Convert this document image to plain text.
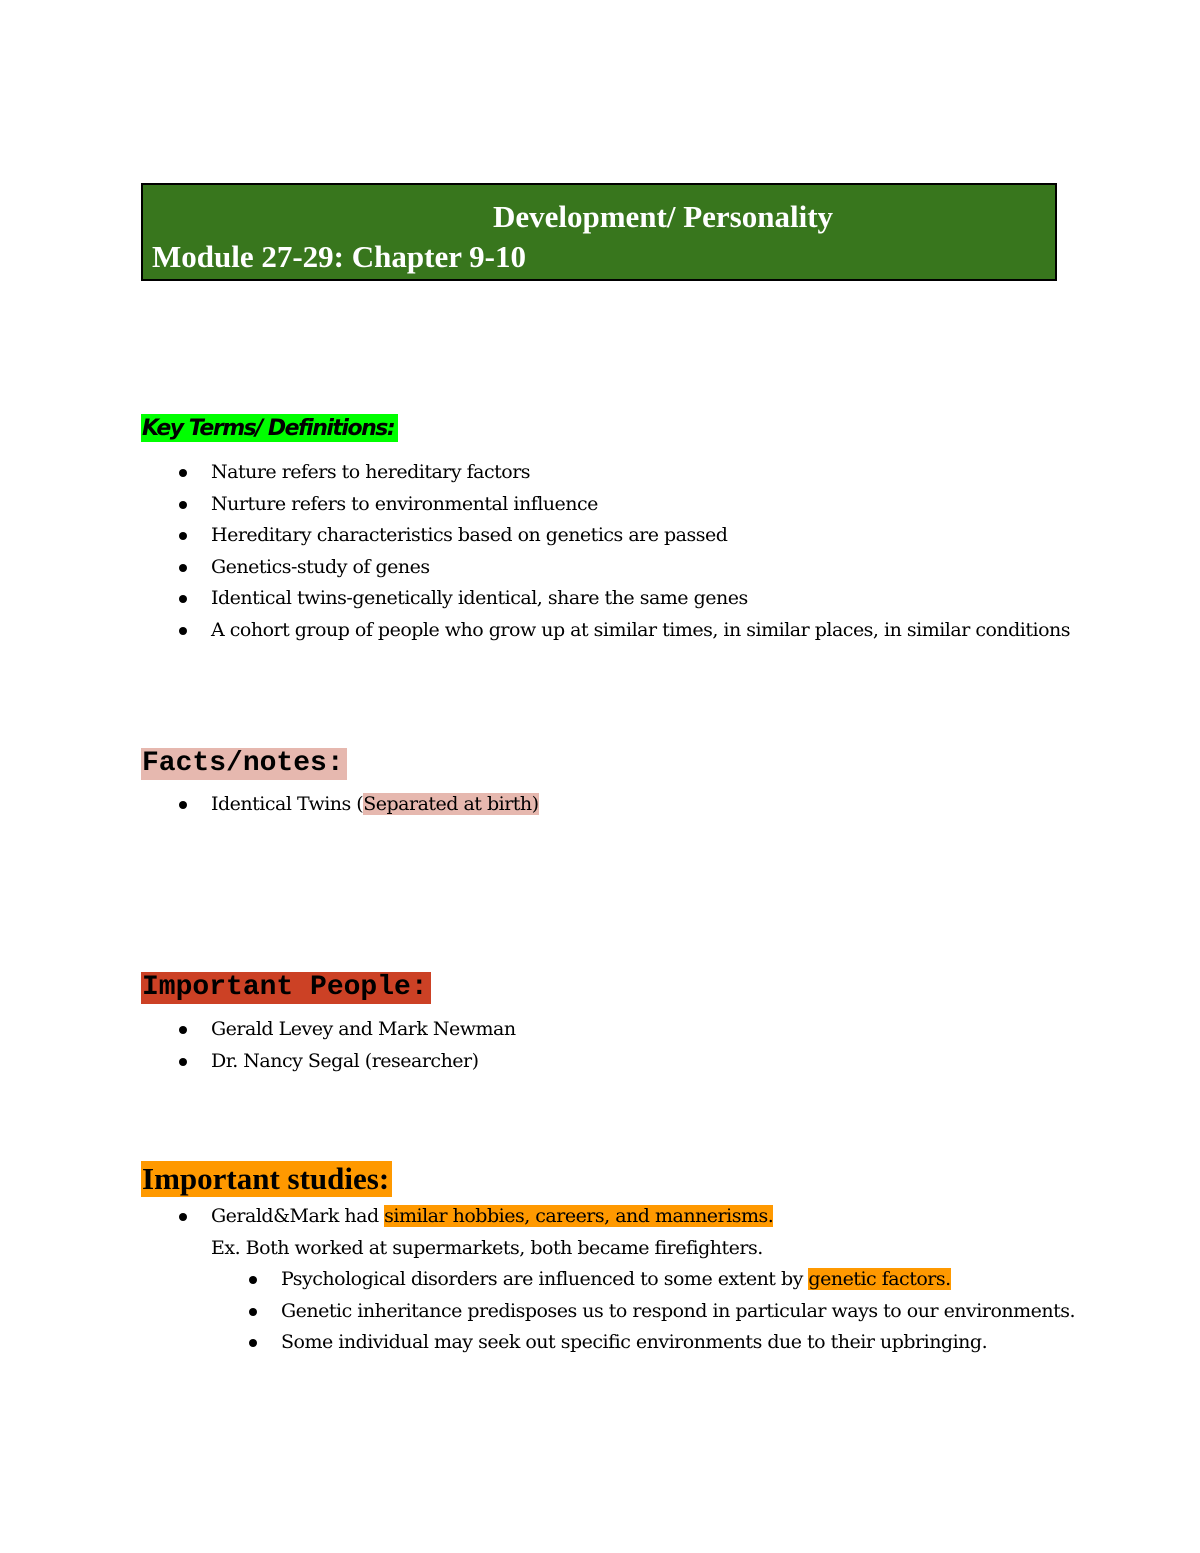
Development/ Personality
Module 27-29: Chapter 9-10
Key Terms/ Definitions:
Nature refers to hereditary factors
Nurture refers to environmental influence
Hereditary characteristics based on genetics are passed
Genetics-study of genes
Identical twins-genetically identical, share the same genes
A cohort group of people who grow up at similar times, in similar places, in similar conditions
Facts/notes:
Identical Twins (Separated at birth)
Important People:
Gerald Levey and Mark Newman
Dr. Nancy Segal (researcher)
Important studies:
Gerald&Mark had similar hobbies, careers, and mannerisms.
Ex. Both worked at supermarkets, both became firefighters.
Psychological disorders are influenced to some extent by genetic factors.
Genetic inheritance predisposes us to respond in particular ways to our environments.
Some individual may seek out specific environments due to their upbringing.
